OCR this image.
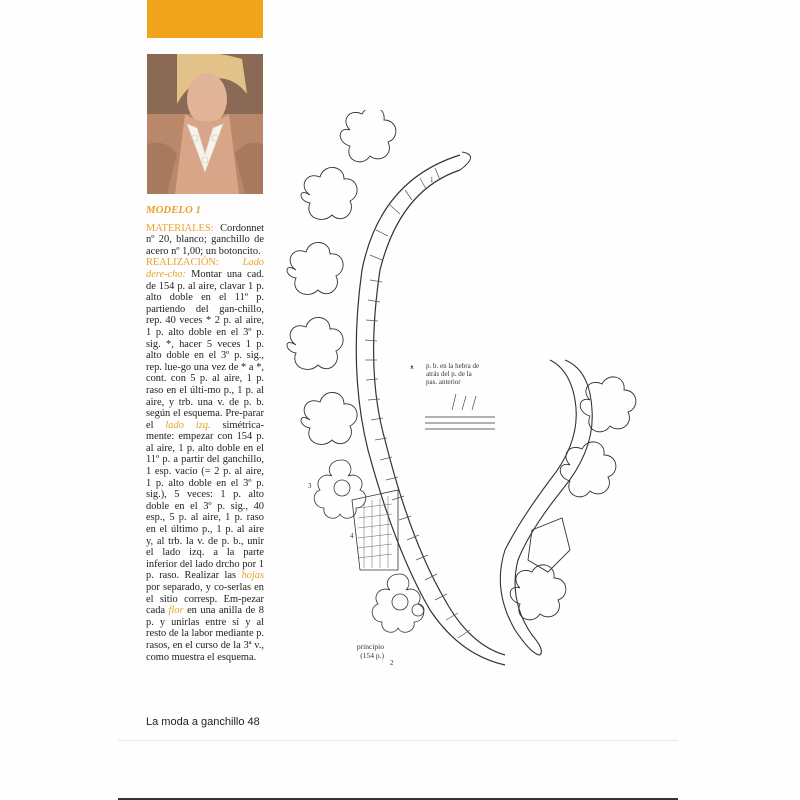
MODELO 1

MATERIALES: Cordonnet nº 20, blanco; ganchillo de acero nº 1,00; un botoncito.
REALIZACIÓN: Lado dere-cho: Montar una cad. de 154 p. al aire, clavar 1 p. alto doble en el 11º p. partiendo del gan-chillo, rep. 40 veces * 2 p. al aire, 1 p. alto doble en el 3º p. sig. *, hacer 5 veces 1 p. alto doble en el 3º p. sig., rep. lue-go una vez de * a *, cont. con 5 p. al aire, 1 p. raso en el últi-mo p., 1 p. al aire, y trb. una v. de p. b. según el esquema. Pre-parar el lado izq. simétrica-mente: empezar con 154 p. al aire, 1 p. alto doble en el 11º p. a partir del ganchillo, 1 esp. vacío (= 2 p. al aire, 1 p. alto doble en el 3º p. sig.), 5 veces: 1 p. alto doble en el 3º p. sig., 40 esp., 5 p. al aire, 1 p. raso en el último p., 1 p. al aire y, al trb. la v. de p. b., unir el lado izq. a la parte inferior del lado drcho por 1 p. raso. Realizar las hojas por separado, y co-serlas en el sitio corresp. Em-pezar cada flor en una anilla de 8 p. y unirlas entre sí y al resto de la labor mediante p. rasos, en el curso de la 3ª v., como muestra el esquema.

ᴥ p. b. en la hebra de
atrás del p. de la
pas. anterior
1
2
3
4
principio
(154 p.)
La moda a ganchillo 48
